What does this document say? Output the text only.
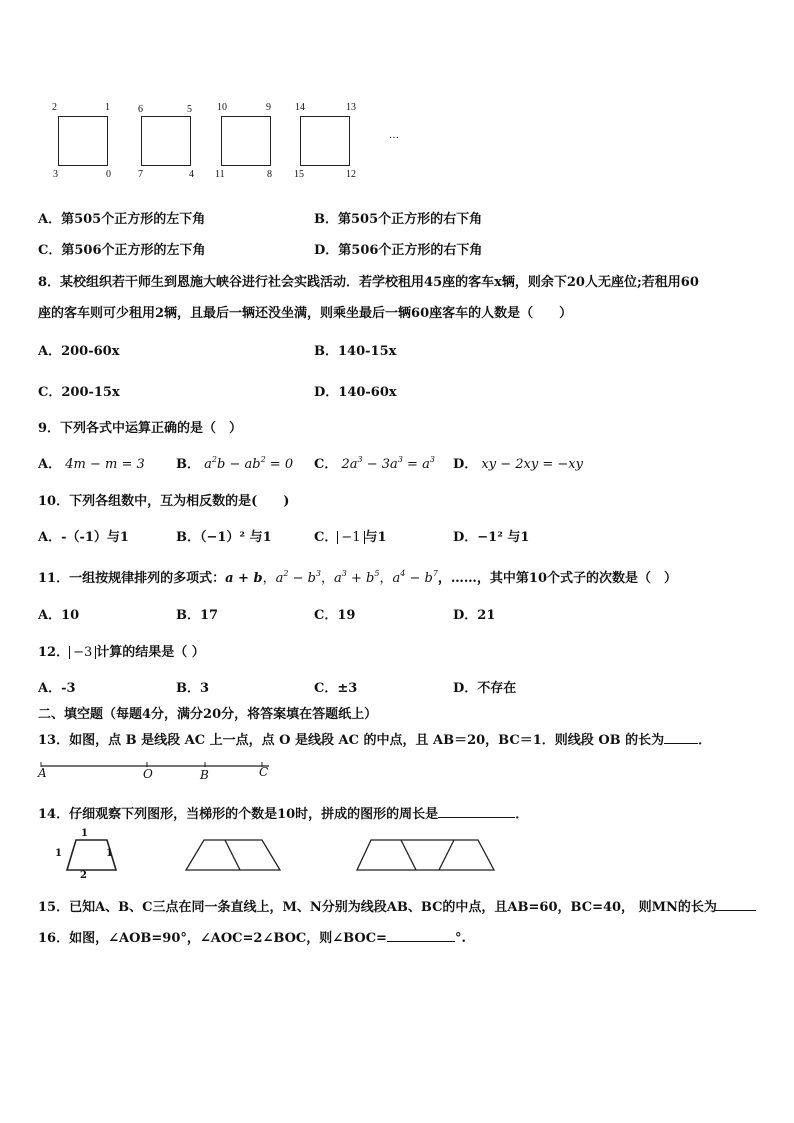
2	1
3	0
6	5
7	4
10	9
11	8
14	13
15	12
…
A．第505个正方形的左下角	B．第505个正方形的右下角
C．第506个正方形的左下角	D．第506个正方形的右下角
8．某校组织若干师生到恩施大峡谷进行社会实践活动．若学校租用45座的客车x辆，则余下20人无座位;若租用60
座的客车则可少租用2辆，且最后一辆还没坐满，则乘坐最后一辆60座客车的人数是（　　）
A．200-60x	B．140-15x
C．200-15x	D．140-60x
9．下列各式中运算正确的是（　）
A． 4m − m = 3 B． $a^2b - ab^2 = 0$ C． $2a^3 - 3a^3 = a^3$ D． xy − 2xy = −xy
10．下列各组数中，互为相反数的是(　　)
A．-（-1）与1	B．（−1）² 与1	C． −1 与1	D．−1² 与1
11．一组按规律排列的多项式：a + b，$a^2 - b^3$，$a^3 + b^5$，$a^4 - b^7$，……，其中第10个式子的次数是（　）
A．10	B．17	C．19	D．21
12． −3 计算的结果是（ ）
A．-3	B．3	C．±3	D．不存在
二、填空题（每题4分，满分20分，将答案填在答题纸上）
13．如图，点 B 是线段 AC 上一点，点 O 是线段 AC 的中点，且 AB＝20，BC＝1．则线段 OB 的长为	．
A	O	B	C
14．仔细观察下列图形，当梯形的个数是10时，拼成的图形的周长是	．
1
1	1
2
15．已知A、B、C三点在同一条直线上，M、N分别为线段AB、BC的中点，且AB=60，BC=40， 则MN的长为
16．如图，∠AOB=90°，∠AOC=2∠BOC，则∠BOC=	°.
